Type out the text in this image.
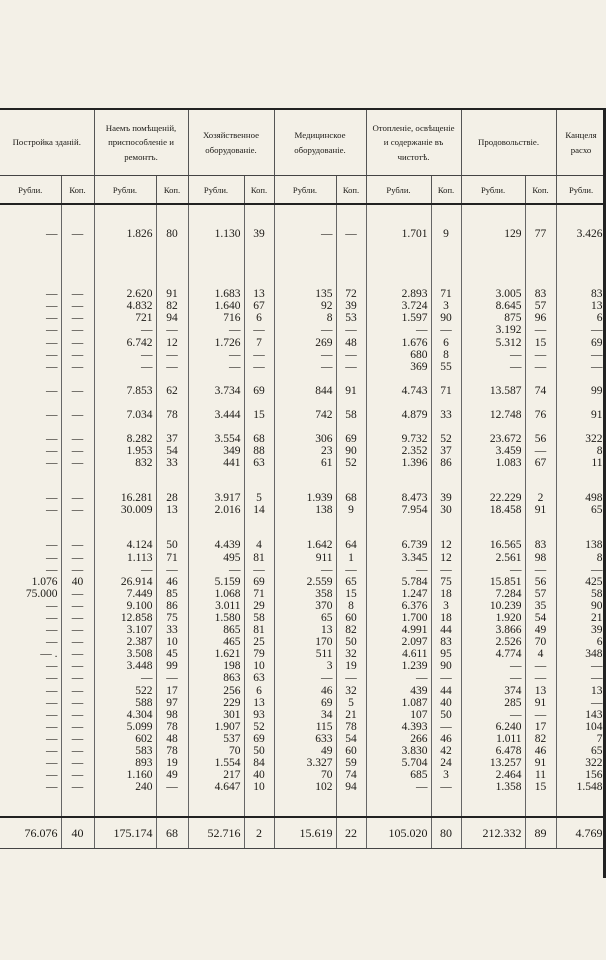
Постройка зданій.		Наемъ помѣщеній, приспособленіе и ремонтъ.		Хозяйственное оборудованіе.		Медицинское оборудованіе.		Отопленіе, освѣщеніе и содержаніе въ чистотѣ.		Продовольствіе.		Канцеля расхо
Рубли.	Коп.	Рубли.	Коп.	Рубли.	Коп.	Рубли.	Коп.	Рубли.	Коп.	Рубли.	Коп.	Рубли.

—	—	1.826	80	1.130	39	—	—	1.701	9	129	77	3.426

—	—	2.620	91	1.683	13	135	72	2.893	71	3.005	83	83
—	—	4.832	82	1.640	67	92	39	3.724	3	8.645	57	13
—	—	721	94	716	6	8	53	1.597	90	875	96	6
—	—	—	—	—	—	—	—	—	—	3.192	—	—
—	—	6.742	12	1.726	7	269	48	1.676	6	5.312	15	69
—	—	—	—	—	—	—	—	680	8	—	—	—
—	—	—	—	—	—	—	—	369	55	—	—	—

—	—	7.853	62	3.734	69	844	91	4.743	71	13.587	74	99

—	—	7.034	78	3.444	15	742	58	4.879	33	12.748	76	91

—	—	8.282	37	3.554	68	306	69	9.732	52	23.672	56	322
—	—	1.953	54	349	88	23	90	2.352	37	3.459	—	8
—	—	832	33	441	63	61	52	1.396	86	1.083	67	11

—	—	16.281	28	3.917	5	1.939	68	8.473	39	22.229	2	498
—	—	30.009	13	2.016	14	138	9	7.954	30	18.458	91	65

—	—	4.124	50	4.439	4	1.642	64	6.739	12	16.565	83	138
—	—	1.113	71	495	81	911	1	3.345	12	2.561	98	8
—	—	—	—	—	—	—	—	—	—	—	—	—
1.076	40	26.914	46	5.159	69	2.559	65	5.784	75	15.851	56	425
75.000	—	7.449	85	1.068	71	358	15	1.247	18	7.284	57	58
—	—	9.100	86	3.011	29	370	8	6.376	3	10.239	35	90
—	—	12.858	75	1.580	58	65	60	1.700	18	1.920	54	21
—	—	3.107	33	865	81	13	82	4.991	44	3.866	49	39
—	—	2.387	10	465	25	170	50	2.097	83	2.526	70	6
— .	—	3.508	45	1.621	79	511	32	4.611	95	4.774	4	348
—	—	3.448	99	198	10	3	19	1.239	90	—	—	—
—	—	—	—	863	63	—	—	—	—	—	—	—
—	—	522	17	256	6	46	32	439	44	374	13	13
—	—	588	97	229	13	69	5	1.087	40	285	91	—
—	—	4.304	98	301	93	34	21	107	50	—	—	143
—	—	5.099	78	1.907	52	115	78	4.393	—	6.240	17	104
—	—	602	48	537	69	633	54	266	46	1.011	82	7
—	—	583	78	70	50	49	60	3.830	42	6.478	46	65
—	—	893	19	1.554	84	3.327	59	5.704	24	13.257	91	322
—	—	1.160	49	217	40	70	74	685	3	2.464	11	156
—	—	240	—	4.647	10	102	94	—	—	1.358	15	1.548

76.076	40	175.174	68	52.716	2	15.619	22	105.020	80	212.332	89	4.769
